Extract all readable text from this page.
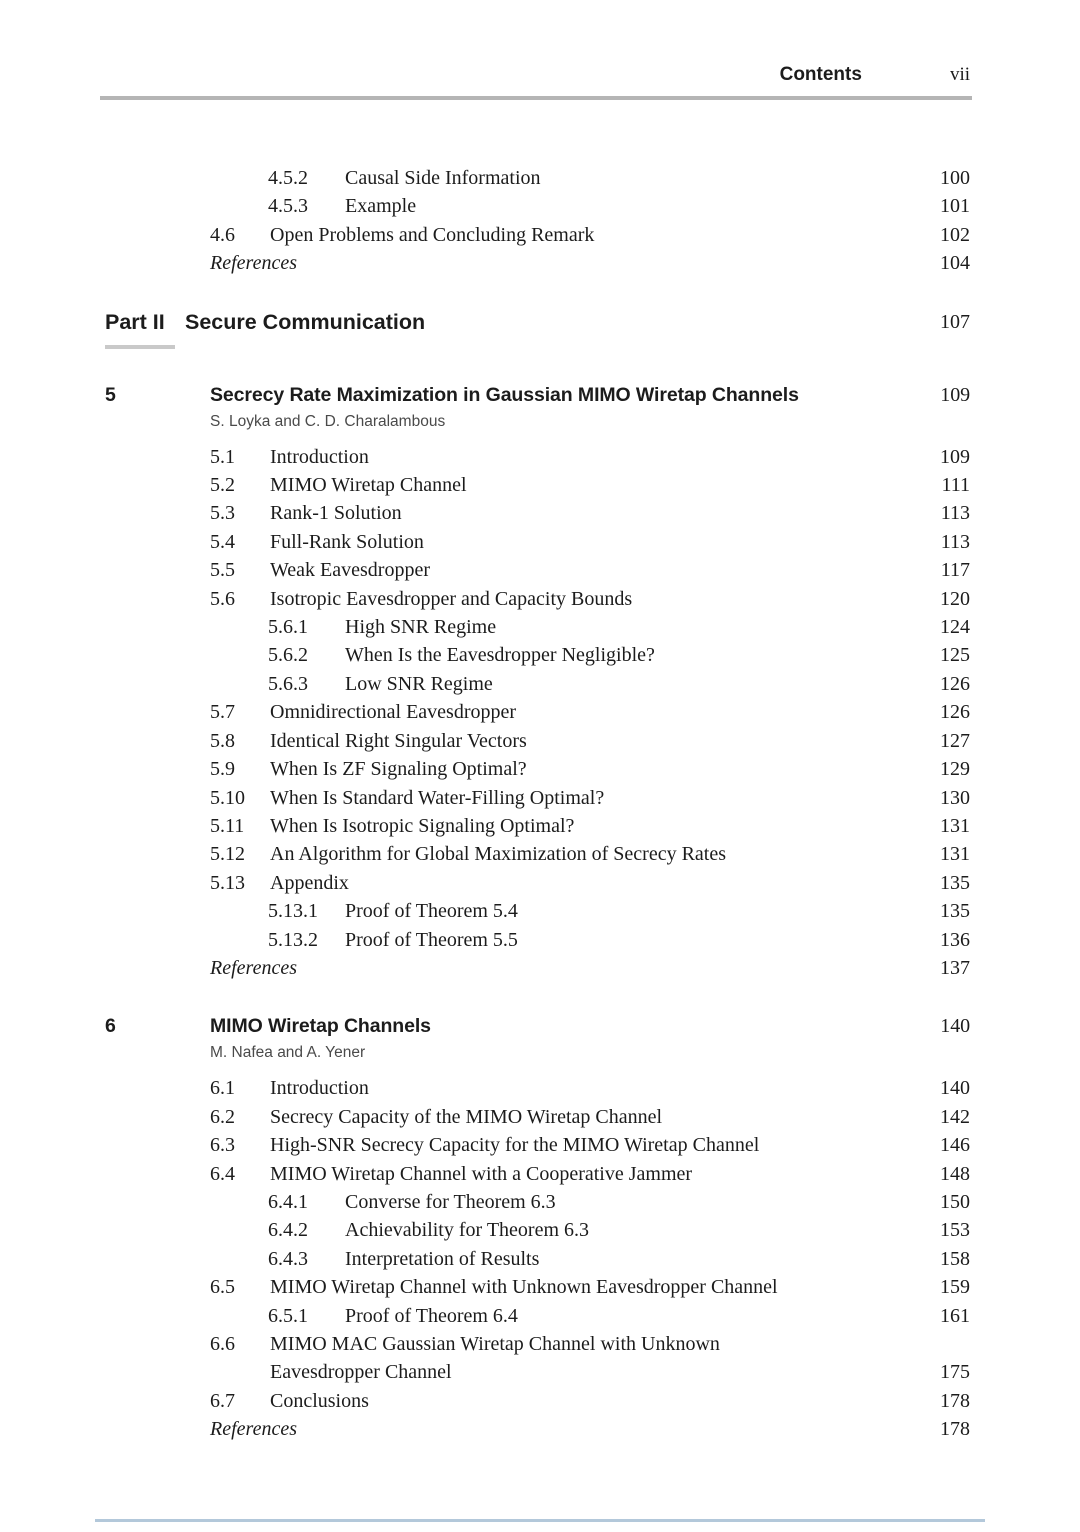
Contents	vii
4.5.2	Causal Side Information	100
4.5.3	Example	101
4.6	Open Problems and Concluding Remark	102
References	104
Part II Secure Communication	107
5	Secrecy Rate Maximization in Gaussian MIMO Wiretap Channels	109
S. Loyka and C. D. Charalambous
5.1	Introduction	109
5.2	MIMO Wiretap Channel	111
5.3	Rank-1 Solution	113
5.4	Full-Rank Solution	113
5.5	Weak Eavesdropper	117
5.6	Isotropic Eavesdropper and Capacity Bounds	120
5.6.1	High SNR Regime	124
5.6.2	When Is the Eavesdropper Negligible?	125
5.6.3	Low SNR Regime	126
5.7	Omnidirectional Eavesdropper	126
5.8	Identical Right Singular Vectors	127
5.9	When Is ZF Signaling Optimal?	129
5.10	When Is Standard Water-Filling Optimal?	130
5.11	When Is Isotropic Signaling Optimal?	131
5.12	An Algorithm for Global Maximization of Secrecy Rates	131
5.13	Appendix	135
5.13.1	Proof of Theorem 5.4	135
5.13.2	Proof of Theorem 5.5	136
References	137
6	MIMO Wiretap Channels	140
M. Nafea and A. Yener
6.1	Introduction	140
6.2	Secrecy Capacity of the MIMO Wiretap Channel	142
6.3	High-SNR Secrecy Capacity for the MIMO Wiretap Channel	146
6.4	MIMO Wiretap Channel with a Cooperative Jammer	148
6.4.1	Converse for Theorem 6.3	150
6.4.2	Achievability for Theorem 6.3	153
6.4.3	Interpretation of Results	158
6.5	MIMO Wiretap Channel with Unknown Eavesdropper Channel	159
6.5.1	Proof of Theorem 6.4	161
6.6	MIMO MAC Gaussian Wiretap Channel with Unknown
Eavesdropper Channel	175
6.7	Conclusions	178
References	178
